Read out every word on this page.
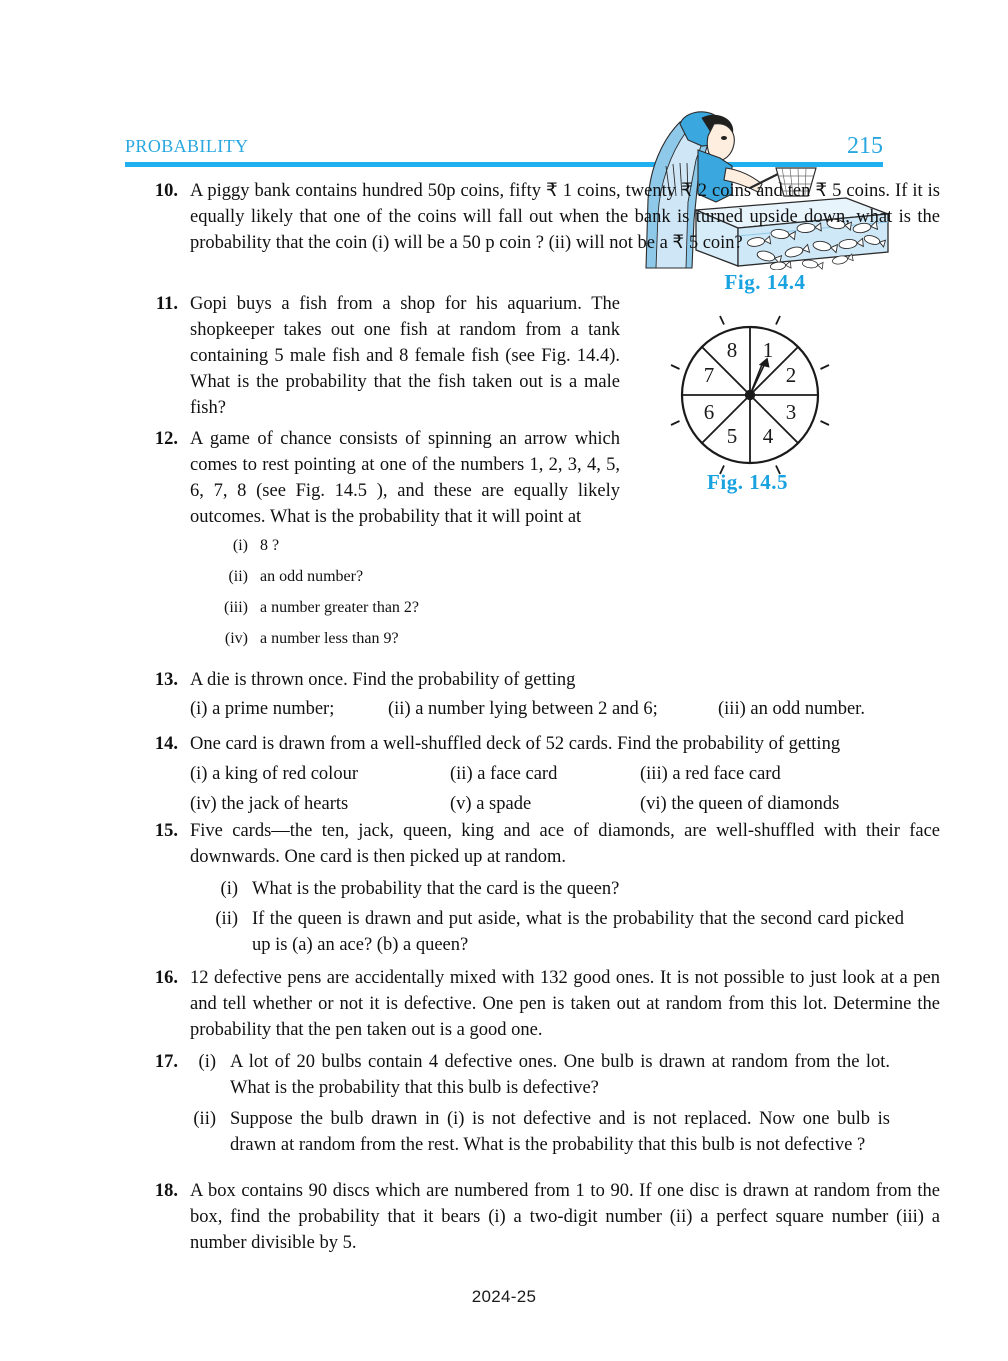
PROBABILITY	215
Fig. 14.4
1
2
3
4
5
6
7
8
Fig. 14.5
10. A piggy bank contains hundred 50p coins, fifty ₹ 1 coins, twenty ₹ 2 coins and ten ₹ 5 coins. If it is equally likely that one of the coins will fall out when the bank is turned upside down, what is the probability that the coin (i) will be a 50 p coin ? (ii) will not be a ₹ 5 coin?
11. Gopi buys a fish from a shop for his aquarium. The shopkeeper takes out one fish at random from a tank containing 5 male fish and 8 female fish (see Fig. 14.4). What is the probability that the fish taken out is a male fish?
12. A game of chance consists of spinning an arrow which comes to rest pointing at one of the numbers 1, 2, 3, 4, 5, 6, 7, 8 (see Fig. 14.5 ), and these are equally likely outcomes. What is the probability that it will point at
(i) 8 ?
(ii) an odd number?
(iii) a number greater than 2?
(iv) a number less than 9?
13. A die is thrown once. Find the probability of getting
(i) a prime number;	(ii) a number lying between 2 and 6;	(iii) an odd number.
14. One card is drawn from a well-shuffled deck of 52 cards. Find the probability of getting
(i) a king of red colour	(ii) a face card	(iii) a red face card
(iv) the jack of hearts	(v) a spade	(vi) the queen of diamonds
15. Five cards—the ten, jack, queen, king and ace of diamonds, are well-shuffled with their face downwards. One card is then picked up at random.
(i) What is the probability that the card is the queen?
(ii) If the queen is drawn and put aside, what is the probability that the second card picked up is (a) an ace? (b) a queen?
16. 12 defective pens are accidentally mixed with 132 good ones. It is not possible to just look at a pen and tell whether or not it is defective. One pen is taken out at random from this lot. Determine the probability that the pen taken out is a good one.
17.	(i) A lot of 20 bulbs contain 4 defective ones. One bulb is drawn at random from the lot. What is the probability that this bulb is defective?
(ii) Suppose the bulb drawn in (i) is not defective and is not replaced. Now one bulb is drawn at random from the rest. What is the probability that this bulb is not defective ?
18. A box contains 90 discs which are numbered from 1 to 90. If one disc is drawn at random from the box, find the probability that it bears (i) a two-digit number (ii) a perfect square number (iii) a number divisible by 5.
2024-25
